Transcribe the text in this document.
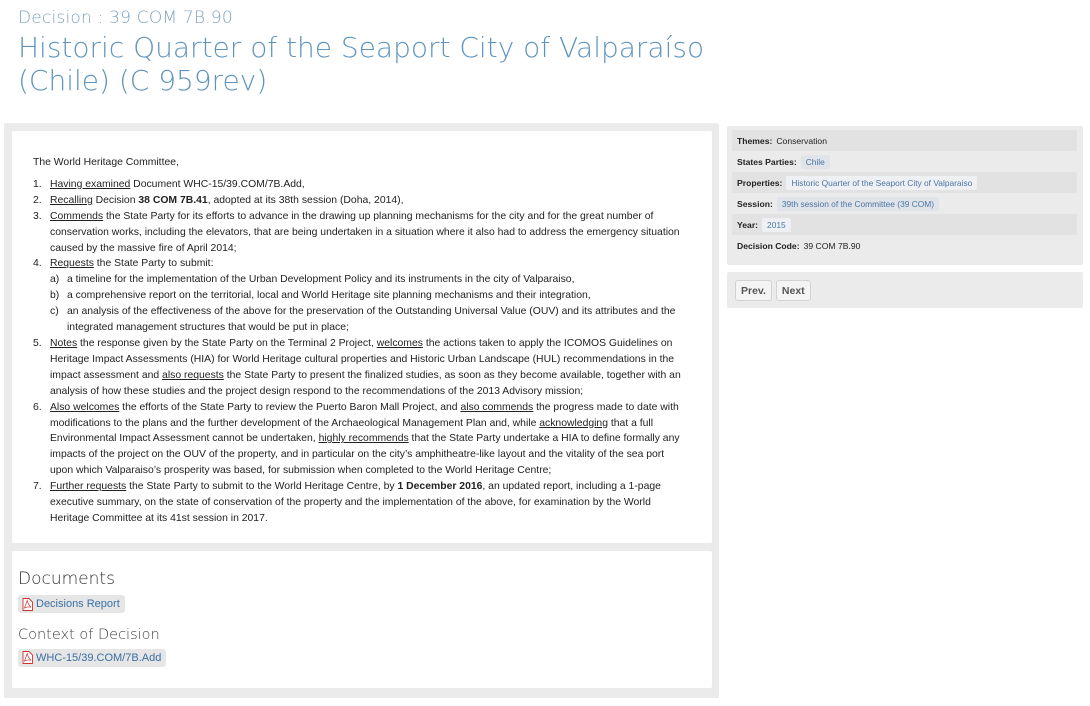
Decision : 39 COM 7B.90
Historic Quarter of the Seaport City of Valparaíso
(Chile) (C 959rev)
The World Heritage Committee,
1. Having examined Document WHC-15/39.COM/7B.Add,
2. Recalling Decision 38 COM 7B.41, adopted at its 38th session (Doha, 2014),
3. Commends the State Party for its efforts to advance in the drawing up planning mechanisms for the city and for the great number of conservation works, including the elevators, that are being undertaken in a situation where it also had to address the emergency situation caused by the massive fire of April 2014;
4. Requests the State Party to submit:
a) a timeline for the implementation of the Urban Development Policy and its instruments in the city of Valparaiso,
b) a comprehensive report on the territorial, local and World Heritage site planning mechanisms and their integration,
c) an analysis of the effectiveness of the above for the preservation of the Outstanding Universal Value (OUV) and its attributes and the integrated management structures that would be put in place;
5. Notes the response given by the State Party on the Terminal 2 Project, welcomes the actions taken to apply the ICOMOS Guidelines on Heritage Impact Assessments (HIA) for World Heritage cultural properties and Historic Urban Landscape (HUL) recommendations in the impact assessment and also requests the State Party to present the finalized studies, as soon as they become available, together with an analysis of how these studies and the project design respond to the recommendations of the 2013 Advisory mission;
6. Also welcomes the efforts of the State Party to review the Puerto Baron Mall Project, and also commends the progress made to date with modifications to the plans and the further development of the Archaeological Management Plan and, while acknowledging that a full Environmental Impact Assessment cannot be undertaken, highly recommends that the State Party undertake a HIA to define formally any impacts of the project on the OUV of the property, and in particular on the city’s amphitheatre-like layout and the vitality of the sea port upon which Valparaiso’s prosperity was based, for submission when completed to the World Heritage Centre;
7. Further requests the State Party to submit to the World Heritage Centre, by 1 December 2016, an updated report, including a 1-page executive summary, on the state of conservation of the property and the implementation of the above, for examination by the World Heritage Committee at its 41st session in 2017.
Documents
Decisions Report
Context of Decision
WHC-15/39.COM/7B.Add
Themes: Conservation
States Parties:	Chile
Properties:	Historic Quarter of the Seaport City of Valparaiso
Session:	39th session of the Committee (39 COM)
Year:	2015
Decision Code: 39 COM 7B.90
Prev.	Next
